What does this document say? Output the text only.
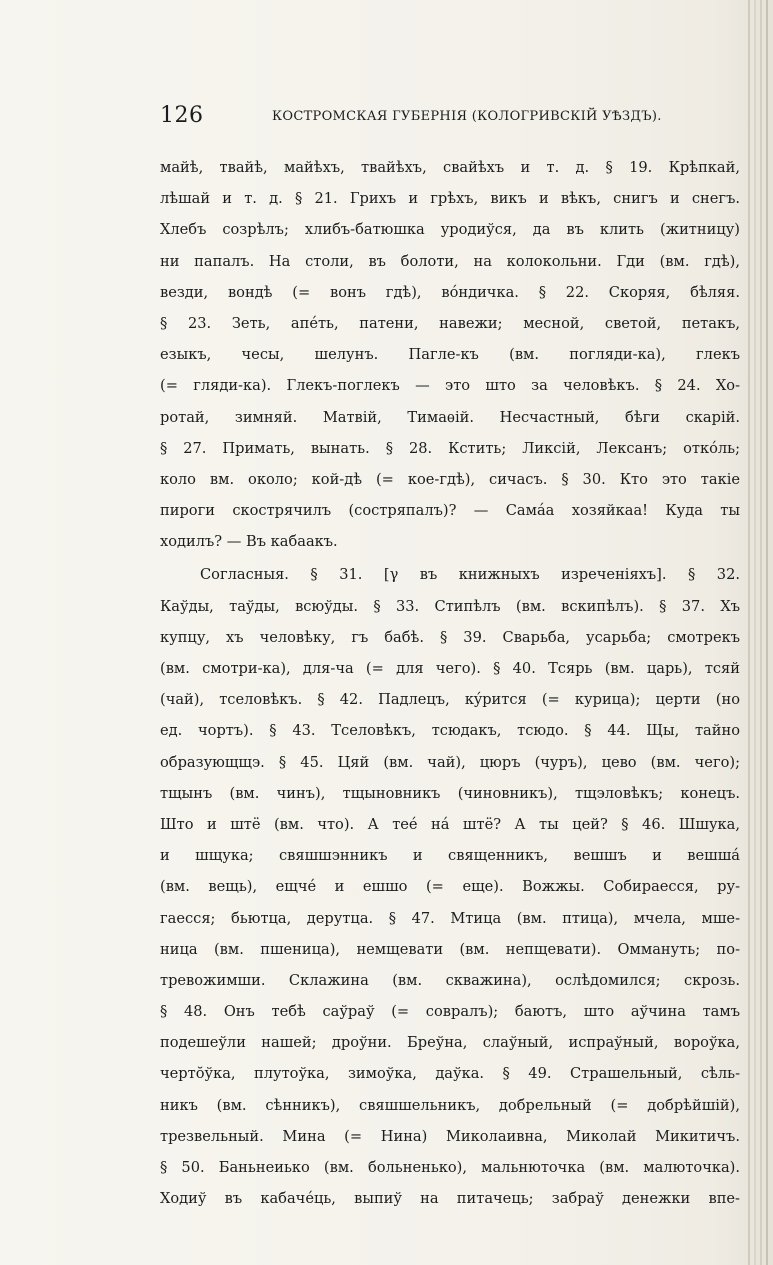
126	КОСТРОМСКАЯ ГУБЕРНІЯ (КОЛОГРИВСКІЙ УѢЗДЪ).
майѣ, твайѣ, майѣхъ, твайѣхъ, свайѣхъ и т. д. § 19. Крѣпкай,
лѣшай и т. д. § 21. Грихъ и грѣхъ, викъ и вѣкъ, снигъ и снегъ.
Хлебъ созрѣлъ; хлибъ-батюшка уродиўся, да въ клить (житницу)
ни папалъ. На столи, въ болоти, на колокольни. Гди (вм. гдѣ),
везди, вондѣ (= вонъ гдѣ), вóндичка. § 22. Скоряя, бѣляя.
§ 23. Зеть, апéть, патени, навежи; месной, светой, петакъ,
езыкъ, чесы, шелунъ. Пагле-къ (вм. погляди-ка), глекъ
(= гляди-ка). Глекъ-поглекъ — это што за человѣкъ. § 24. Хо-
ротай, зимняй. Матвій, Тимаѳій. Несчастный, бѣги скарій.
§ 27. Примать, вынать. § 28. Кстить; Ликсій, Лексанъ; откóль;
коло вм. около; кой-дѣ (= кое-гдѣ), сичасъ. § 30. Кто это такіе
пироги скострячилъ (состряпалъ)? — Самáа хозяйкаа! Куда ты
ходилъ? — Въ кабаакъ.
Согласныя. § 31. [γ въ книжныхъ изреченіяхъ]. § 32.
Каўды, таўды, всюўды. § 33. Стипѣлъ (вм. вскипѣлъ). § 37. Хъ
купцу, хъ человѣку, гъ бабѣ. § 39. Сварьба, усарьба; смотрекъ
(вм. смотри-ка), для-ча (= для чего). § 40. Тсярь (вм. царь), тсяй
(чай), тселовѣкъ. § 42. Падлецъ, кýрится (= курица); церти (но
ед. чортъ). § 43. Тселовѣкъ, тсюдакъ, тсюдо. § 44. Щы, тайно
образующщэ. § 45. Цяй (вм. чай), цюръ (чуръ), цево (вм. чего);
тщынъ (вм. чинъ), тщыновникъ (чиновникъ), тщэловѣкъ; конецъ.
Што и штё (вм. что). А теé нá штё? А ты цей? § 46. Шшука,
и шщука; свяшшэнникъ и священникъ, вешшъ и вешшá
(вм. вещь), ещчé и ешшо (= еще). Вожжы. Собираесся, ру-
гаесся; бьютца, дерутца. § 47. Мтица (вм. птица), мчела, мше-
ница (вм. пшеница), немщевати (вм. непщевати). Оммануть; по-
тревожимши. Склажина (вм. скважина), ослѣдомился; скрозь.
§ 48. Онъ тебѣ саўраў (= совралъ); баютъ, што аўчина тамъ
подешеўли нашей; дроўни. Бреўна, слаўный, испраўный, вороўка,
черто̆ўка, плутоўка, зимоўка, даўка. § 49. Страшельный, сѣль-
никъ (вм. сѣнникъ), свяшшельникъ, добрельный (= добрѣйшій),
трезвельный. Мина (= Нина) Миколаивна, Миколай Микитичъ.
§ 50. Баньнеиько (вм. больненько), мальнюточка (вм. малюточка).
Ходиў въ кабачéць, выпиў на питачець; забраў денежки впе-
